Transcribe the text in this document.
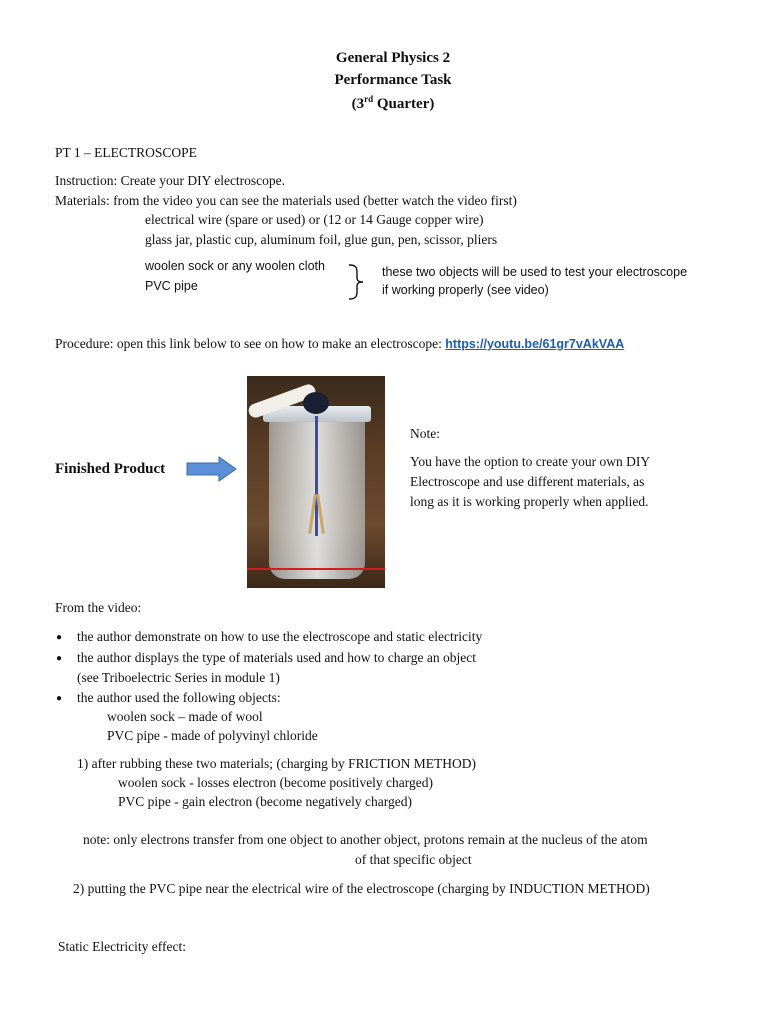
General Physics 2
Performance Task
(3rd Quarter)
PT 1 – ELECTROSCOPE
Instruction: Create your DIY electroscope.
Materials: from the video you can see the materials used (better watch the video first)
electrical wire (spare or used) or (12 or 14 Gauge copper wire)
glass jar, plastic cup, aluminum foil, glue gun, pen, scissor, pliers
woolen sock or any woolen cloth
PVC pipe
these two objects will be used to test your electroscope
if working properly (see video)
Procedure: open this link below to see on how to make an electroscope: https://youtu.be/61gr7vAkVAA
Finished Product
Note:
You have the option to create your own DIY
Electroscope and use different materials, as
long as it is working properly when applied.
From the video:
● the author demonstrate on how to use the electroscope and static electricity
● the author displays the type of materials used and how to charge an object
(see Triboelectric Series in module 1)
● the author used the following objects:
woolen sock – made of wool
PVC pipe - made of polyvinyl chloride
1) after rubbing these two materials; (charging by FRICTION METHOD)
woolen sock - losses electron (become positively charged)
PVC pipe - gain electron (become negatively charged)
note: only electrons transfer from one object to another object, protons remain at the nucleus of the atom
of that specific object
2) putting the PVC pipe near the electrical wire of the electroscope (charging by INDUCTION METHOD)
Static Electricity effect:
